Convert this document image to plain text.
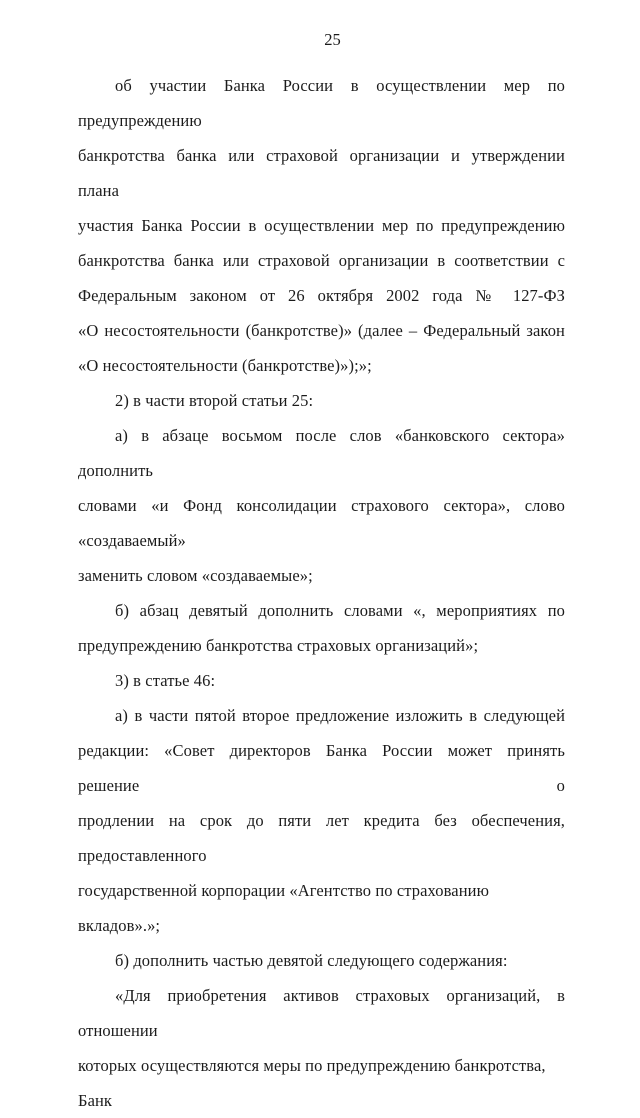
25
об участии Банка России в осуществлении мер по предупреждению
банкротства банка или страховой организации и утверждении плана
участия Банка России в осуществлении мер по предупреждению
банкротства банка или страховой организации в соответствии с
Федеральным законом от 26 октября 2002 года № 127-ФЗ
«О несостоятельности (банкротстве)» (далее – Федеральный закон
«О несостоятельности (банкротстве)»);»;
2) в части второй статьи 25:
а) в абзаце восьмом после слов «банковского сектора» дополнить
словами «и Фонд консолидации страхового сектора», слово «создаваемый»
заменить словом «создаваемые»;
б) абзац девятый дополнить словами «, мероприятиях по
предупреждению банкротства страховых организаций»;
3) в статье 46:
а) в части пятой второе предложение изложить в следующей
редакции: «Совет директоров Банка России может принять решение о
продлении на срок до пяти лет кредита без обеспечения, предоставленного
государственной корпорации «Агентство по страхованию вкладов».»;
б) дополнить частью девятой следующего содержания:
«Для приобретения активов страховых организаций, в отношении
которых осуществляются меры по предупреждению банкротства, Банк
